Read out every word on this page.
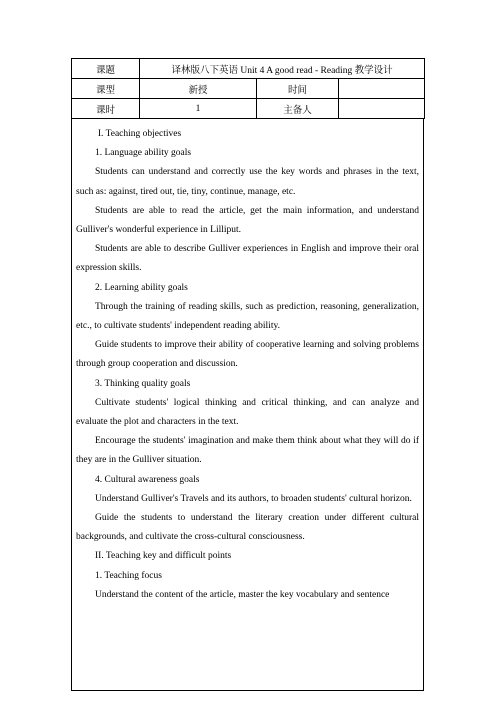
课题	译林版八下英语 Unit 4 A good read - Reading 教学设计		
课型	新授	时间	
课时	1	主备人	

I. Teaching objectives

1. Language ability goals

Students can understand and correctly use the key words and phrases in the text, such as: against, tired out, tie, tiny, continue, manage, etc.

Students are able to read the article, get the main information, and understand Gulliver's wonderful experience in Lilliput.

Students are able to describe Gulliver experiences in English and improve their oral expression skills.

2. Learning ability goals

Through the training of reading skills, such as prediction, reasoning, generalization, etc., to cultivate students' independent reading ability.

Guide students to improve their ability of cooperative learning and solving problems through group cooperation and discussion.

3. Thinking quality goals

Cultivate students' logical thinking and critical thinking, and can analyze and evaluate the plot and characters in the text.

Encourage the students' imagination and make them think about what they will do if they are in the Gulliver situation.

4. Cultural awareness goals

Understand Gulliver's Travels and its authors, to broaden students' cultural horizon.

Guide the students to understand the literary creation under different cultural backgrounds, and cultivate the cross-cultural consciousness.

II. Teaching key and difficult points

1. Teaching focus

Understand the content of the article, master the key vocabulary and sentence
